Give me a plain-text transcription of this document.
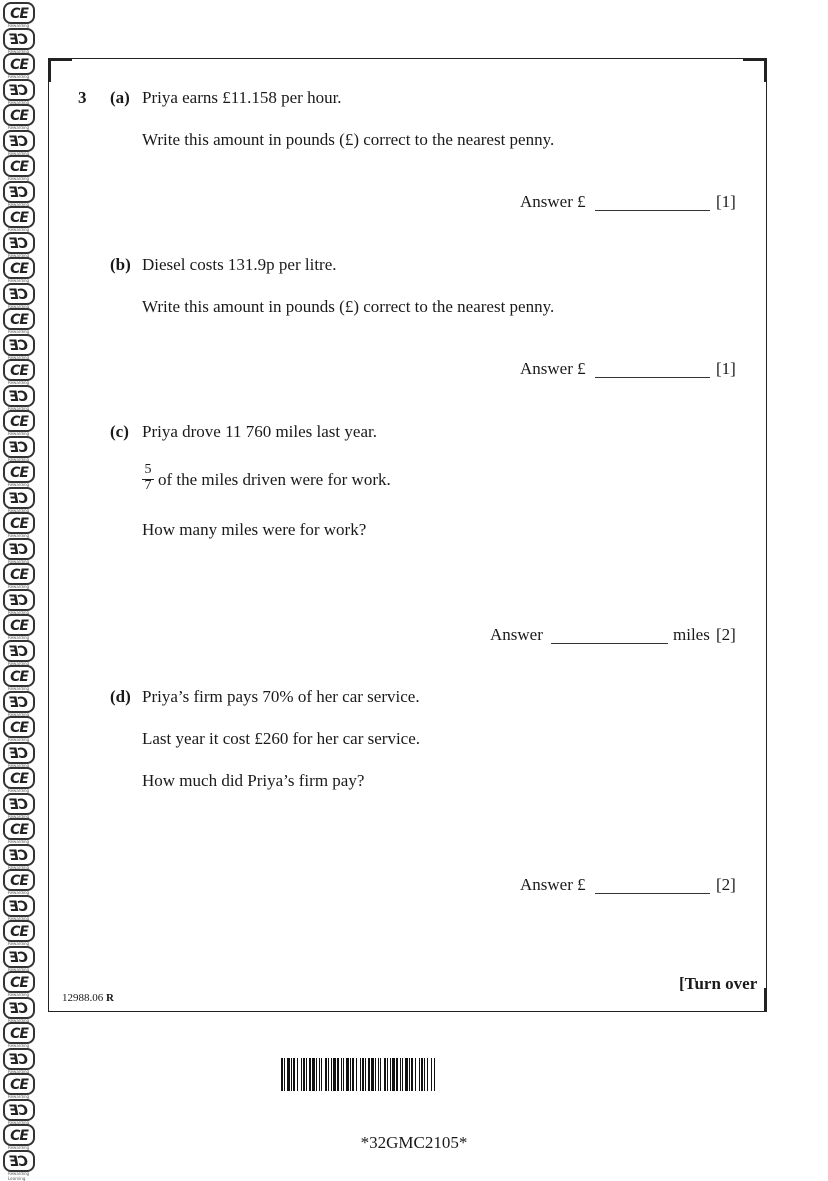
CE
Rewarding
CE
Rewarding
CE
Rewarding
CE
Rewarding
CE
Rewarding
CE
Rewarding
CE
Rewarding
CE
Rewarding
CE
Rewarding
CE
Rewarding
CE
Rewarding
CE
Rewarding
CE
Rewarding
CE
Rewarding
CE
Rewarding
CE
Rewarding
CE
Rewarding
CE
Rewarding
CE
Rewarding
CE
Rewarding
CE
Rewarding
CE
Rewarding
CE
Rewarding
CE
Rewarding
CE
Rewarding
CE
Rewarding
CE
Rewarding
CE
Rewarding
CE
Rewarding
CE
Rewarding
CE
Rewarding
CE
Rewarding
CE
Rewarding
CE
Rewarding
CE
Rewarding
CE
Rewarding
CE
Rewarding
CE
Rewarding
CE
Rewarding
CE
Rewarding
CE
Rewarding
CE
Rewarding
CE
Rewarding
CE
Rewarding
CE
Rewarding
CE
Rewarding Learning
3 (a) Priya earns £11.158 per hour.
Write this amount in pounds (£) correct to the nearest penny.
Answer £	[1]
(b) Diesel costs 131.9p per litre.
Write this amount in pounds (£) correct to the nearest penny.
Answer £	[1]
(c) Priya drove 11 760 miles last year.
5
7 of the miles driven were for work.
How many miles were for work?
Answer	miles [2]
(d) Priya’s firm pays 70% of her car service.
Last year it cost £260 for her car service.
How much did Priya’s firm pay?
Answer £	[2]
[Turn over
12988.06 R
*32GMC2105*
